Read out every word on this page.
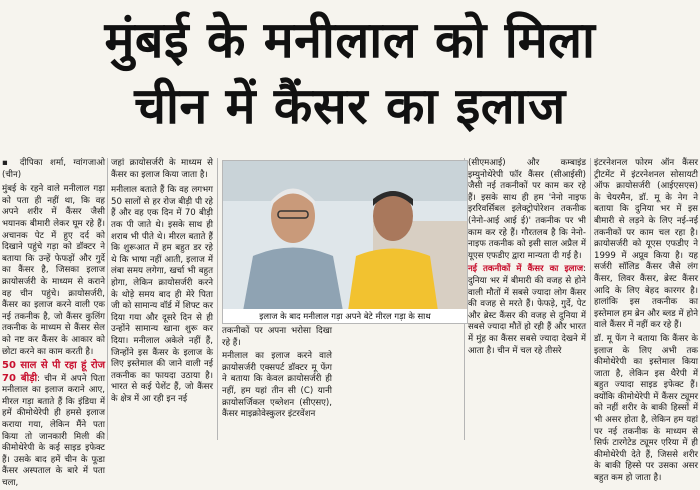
मुंबई के मनीलाल को मिला
चीन में कैंसर का इलाज
▪ दीपिका शर्मा, ग्वांगजाओ (चीन)

मुंबई के रहने वाले मनीलाल गड़ा को पता ही नहीं था, कि वह अपने शरीर में कैंसर जैसी भयानक बीमारी लेकर घूम रहे हैं। अचानक पेट में हुए दर्द को दिखाने पहुंचे गड़ा को डॉक्टर ने बताया कि उन्हें फेफड़ों और गुर्दे का कैंसर है, जिसका इलाज क्रायोसर्जरी के माध्यम से कराने वह चीन पहुंचे। क्रायोसर्जरी, कैंसर का इलाज करने वाली एक नई तकनीक है, जो कैंसर कुलिंग तकनीक के माध्यम से कैंसर सेल को नष्ट कर कैंसर के आकार को छोटा करने का काम करती है।

50 साल से पी रहा हूं रोज 70 बीड़ी: चीन में अपने पिता मनीलाल का इलाज कराने आए, मीरल गड़ा बताते हैं कि इंडिया में हमें कीमोथेरेपी ही हमसे इलाज कराया गया, लेकिन मैंने पता किया तो जानकारी मिली की कीमोथेरेपी के कई साइड इफेक्ट हैं। उसके बाद हमें चीन के फूडा कैंसर अस्पताल के बारे में पता चला,

जहां क्रायोसर्जरी के माध्यम से कैंसर का इलाज किया जाता है।

मनीलाल बताते हैं कि वह लगभग 50 सालों से हर रोज बीड़ी पी रहे हैं और वह एक दिन में 70 बीड़ी तक पी जाते थे। इसके साथ ही शराब भी पीते थे। मीरल बताते हैं कि शुरूआत में हम बहुत डर रहे थे कि भाषा नहीं आती, इलाज में लंबा समय लगेगा, खर्चा भी बहुत होगा, लेकिन क्रायोसर्जरी करने के थोड़े समय बाद ही मेरे पिता जी को सामान्य वॉर्ड में शिफ्ट कर दिया गया और दूसरे दिन से ही उन्होंने सामान्य खाना शुरू कर दिया। मनीलाल अकेले नहीं हैं, जिन्होंने इस कैंसर के इलाज के लिए इस्तेमाल की जाने वाली नई तकनीक का फायदा उठाया है। भारत से कई पेशेंट हैं, जो कैंसर के क्षेत्र में आ रही इन नई

इलाज के बाद मनीलाल गड़ा अपने बेटे मीरल गड़ा के साथ

तकनीकों पर अपना भरोसा दिखा रहे हैं।

मनीलाल का इलाज करने वाले क्रायोसर्जरी एक्सपर्ट डॉक्टर मू फेंग ने बताया कि केवल क्रायोसर्जरी ही नहीं, हम यहां तीन सी (C) यानी क्रायोसर्जिकल एब्लेशन (सीएसए), कैंसर माइक्रोवेस्कुलर इंटरवेंशन

(सीएमआई) और कम्बाइंड इम्युनोथेरेपी फॉर कैंसर (सीआईसी) जैसी नई तकनीकों पर काम कर रहे हैं। इसके साथ ही हम 'नेनो नाइफ इररिवर्सिबल इलेक्ट्रोपोरेशन तकनीक (नेनो-आई आई ई)' तकनीक पर भी काम कर रहे हैं। गौरतलब है कि नेनो-नाइफ तकनीक को इसी साल अप्रैल में यूएस एफडीए द्वारा मान्यता दी गई है।

नई तकनीकों में कैंसर का इलाज: दुनिया भर में बीमारी की वजह से होने वाली मौतों में सबसे ज्यादा लोग कैंसर की वजह से मरते हैं। फेफड़े, गुर्दे, पेट और ब्रेस्ट कैंसर की वजह से दुनिया में सबसे ज्यादा मौतें हो रही हैं और भारत में मुंह का कैंसर सबसे ज्यादा देखने में आता है। चीन में चल रहे तीसरे

इंटरनेशनल फोरम ऑन कैंसर ट्रीटमेंट में इंटरनेशनल सोसायटी ऑफ क्रायोसर्जरी (आईएसएस) के चेयरमैन, डॉ. मू के नेग ने बताया कि दुनिया भर में इस बीमारी से लड़ने के लिए नई-नई तकनीकों पर काम चल रहा है। क्रायोसर्जरी को यूएस एफडीए ने 1999 में अप्रूव किया है। यह सर्जरी सॉलिड कैंसर जैसे लंग कैंसर, लिवर कैंसर, ब्रेस्ट कैंसर आदि के लिए बेहद कारगर है। हालांकि इस तकनीक का इस्तेमाल हम ब्रेन और ब्लड में होने वाले कैंसर में नहीं कर रहे हैं।

डॉ. मू फेंग ने बताया कि कैंसर के इलाज के लिए अभी तक कीमोथेरेपी का इस्तेमाल किया जाता है, लेकिन इस थैरेपी में बहुत ज्यादा साइड इफेक्ट हैं। क्योंकि कीमोथेरेपी में कैंसर ट्यूमर को नहीं शरीर के बाकी हिस्सों में भी असर होता है, लेकिन हम यहां पर नई तकनीक के माध्यम से सिर्फ टारगेटेड ट्यूमर एरिया में ही कीमोथेरेपी देते हैं, जिससे शरीर के बाकी हिस्से पर उसका असर बहुत कम हो जाता है।
